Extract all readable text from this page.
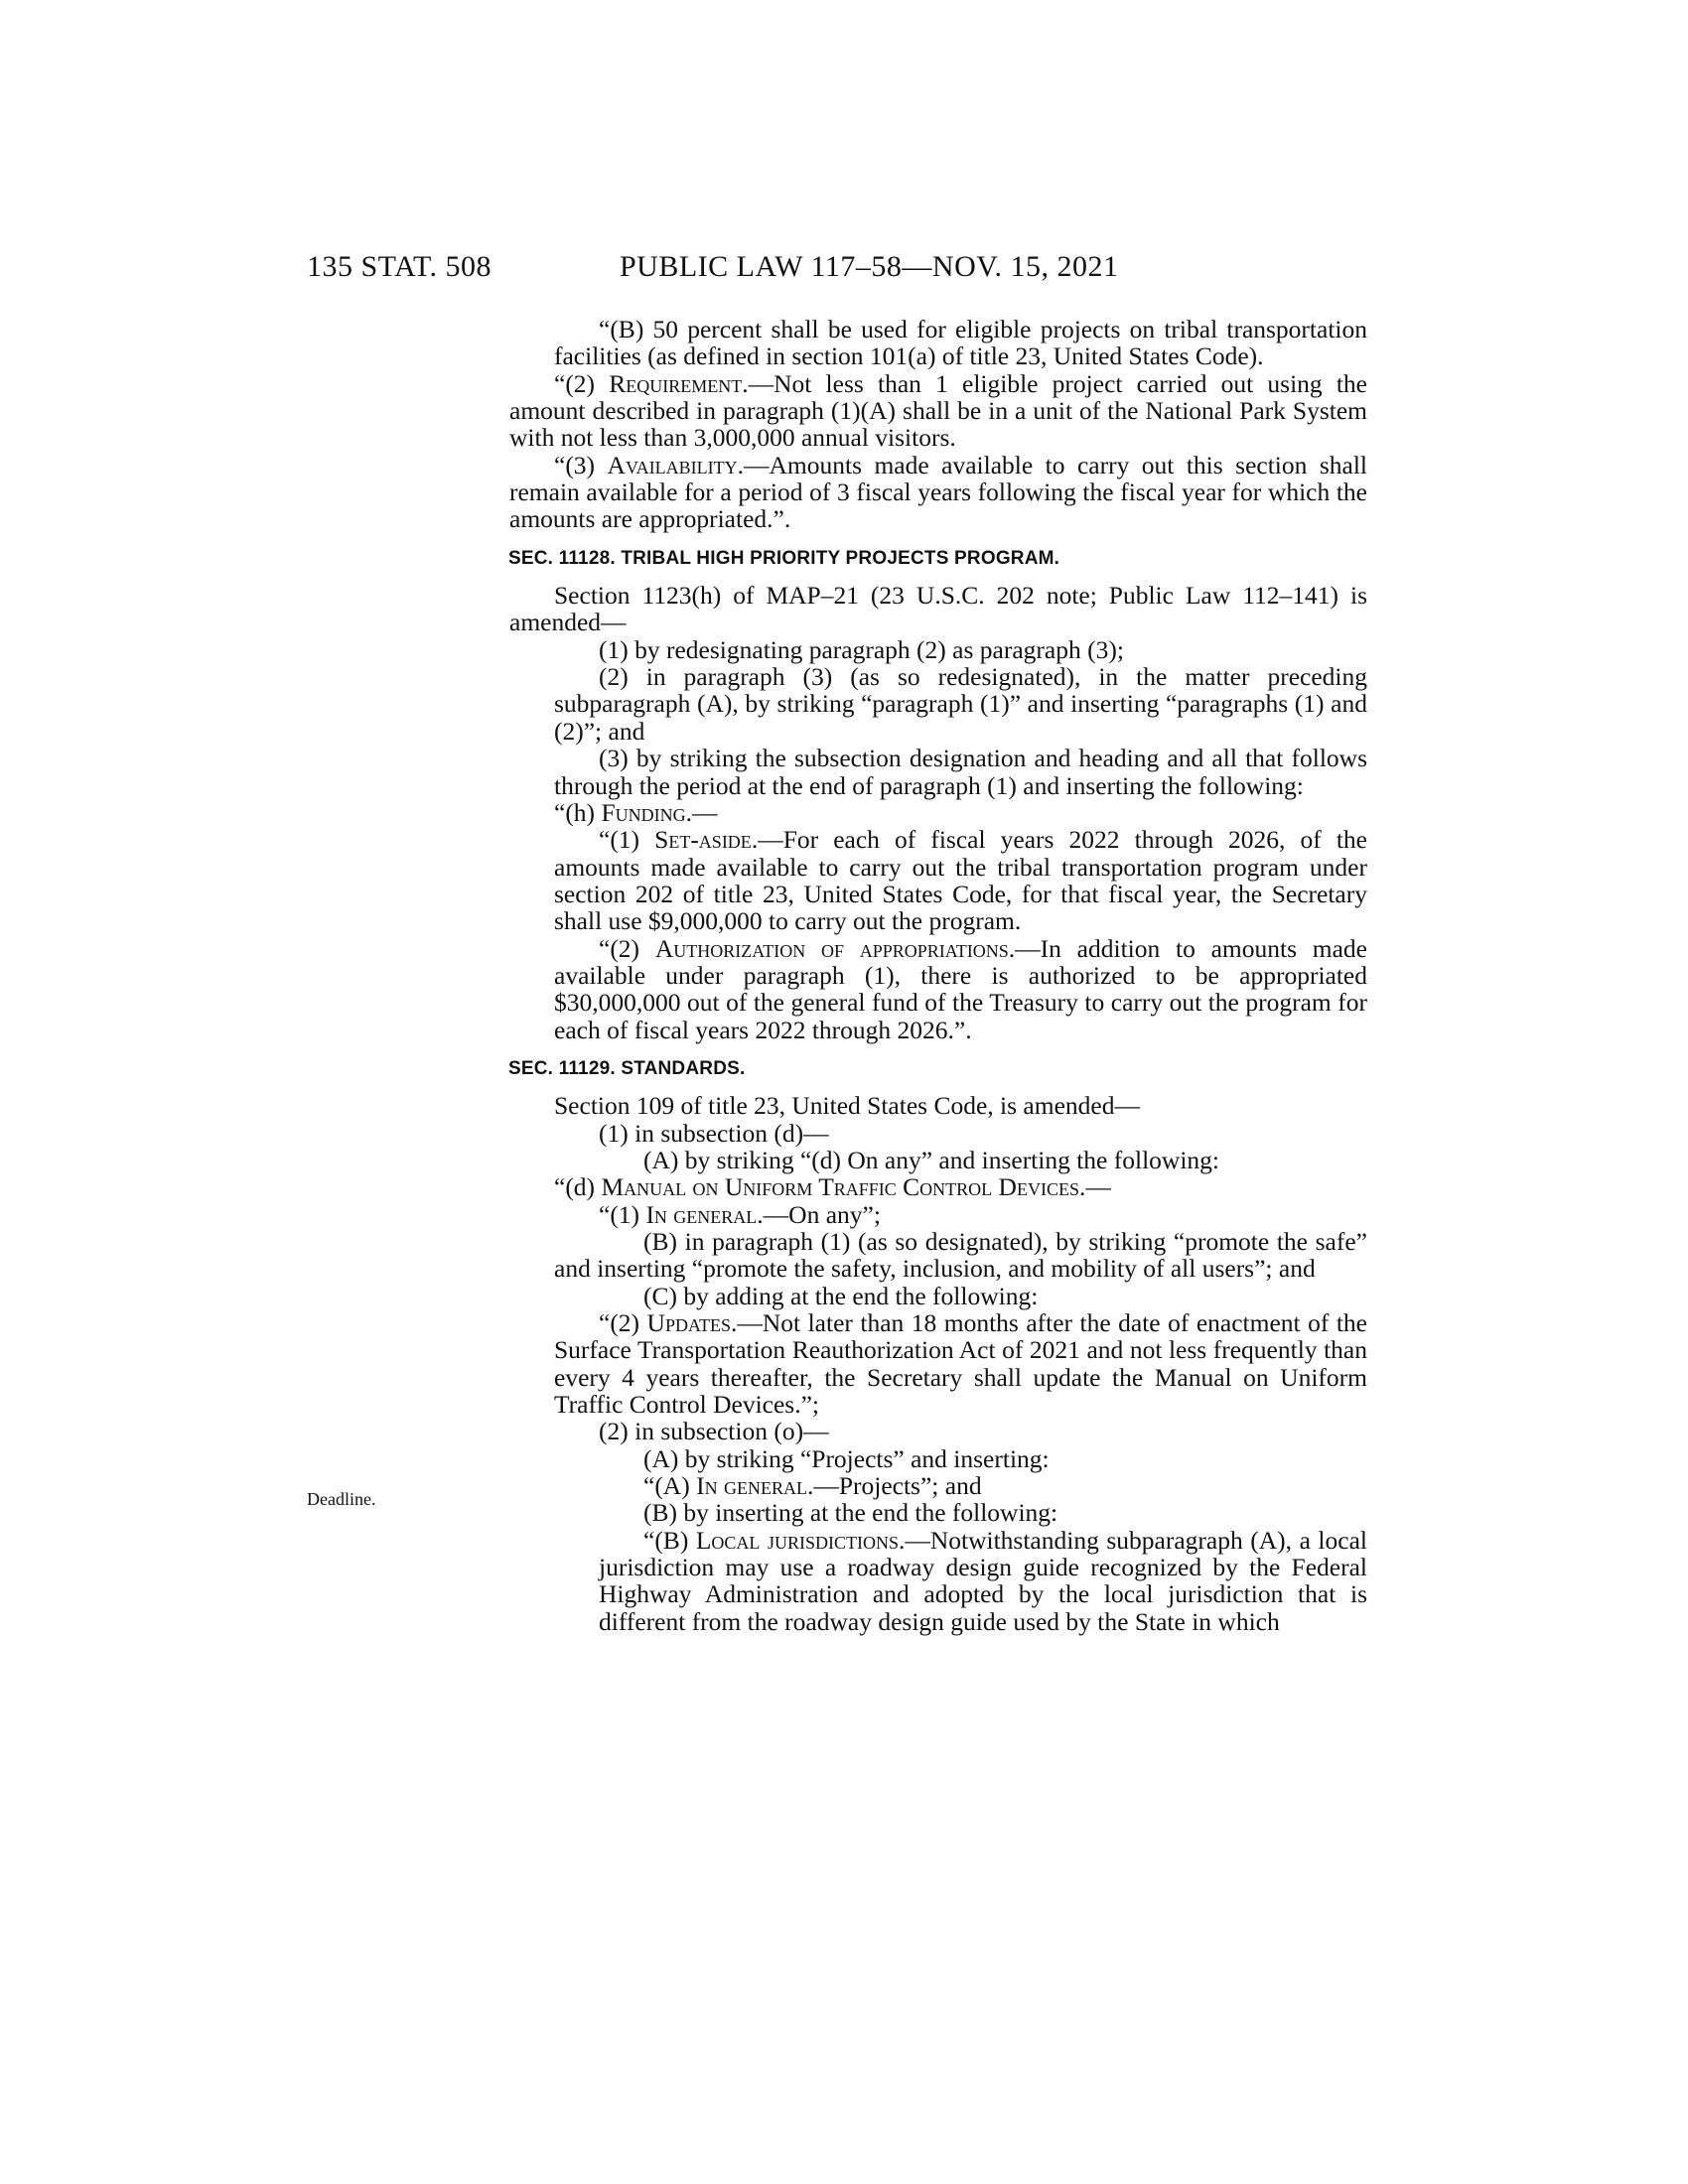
135 STAT. 508	PUBLIC LAW 117–58—NOV. 15, 2021
Deadline.

“(B) 50 percent shall be used for eligible projects on tribal transportation facilities (as defined in section 101(a) of title 23, United States Code).

“(2) Requirement.—Not less than 1 eligible project carried out using the amount described in paragraph (1)(A) shall be in a unit of the National Park System with not less than 3,000,000 annual visitors.

“(3) Availability.—Amounts made available to carry out this section shall remain available for a period of 3 fiscal years following the fiscal year for which the amounts are appropriated.”.

SEC. 11128. TRIBAL HIGH PRIORITY PROJECTS PROGRAM.

Section 1123(h) of MAP–21 (23 U.S.C. 202 note; Public Law 112–141) is amended—

(1) by redesignating paragraph (2) as paragraph (3);

(2) in paragraph (3) (as so redesignated), in the matter preceding subparagraph (A), by striking “paragraph (1)” and inserting “paragraphs (1) and (2)”; and

(3) by striking the subsection designation and heading and all that follows through the period at the end of paragraph (1) and inserting the following:

“(h) Funding.—

“(1) Set-aside.—For each of fiscal years 2022 through 2026, of the amounts made available to carry out the tribal transportation program under section 202 of title 23, United States Code, for that fiscal year, the Secretary shall use $9,000,000 to carry out the program.

“(2) Authorization of appropriations.—In addition to amounts made available under paragraph (1), there is authorized to be appropriated $30,000,000 out of the general fund of the Treasury to carry out the program for each of fiscal years 2022 through 2026.”.

SEC. 11129. STANDARDS.

Section 109 of title 23, United States Code, is amended—

(1) in subsection (d)—

(A) by striking “(d) On any” and inserting the following:

“(d) Manual on Uniform Traffic Control Devices.—

“(1) In general.—On any”;

(B) in paragraph (1) (as so designated), by striking “promote the safe” and inserting “promote the safety, inclusion, and mobility of all users”; and

(C) by adding at the end the following:

“(2) Updates.—Not later than 18 months after the date of enactment of the Surface Transportation Reauthorization Act of 2021 and not less frequently than every 4 years thereafter, the Secretary shall update the Manual on Uniform Traffic Control Devices.”;

(2) in subsection (o)—

(A) by striking “Projects” and inserting:

“(A) In general.—Projects”; and

(B) by inserting at the end the following:

“(B) Local jurisdictions.—Notwithstanding subparagraph (A), a local jurisdiction may use a roadway design guide recognized by the Federal Highway Administration and adopted by the local jurisdiction that is different from the roadway design guide used by the State in which
